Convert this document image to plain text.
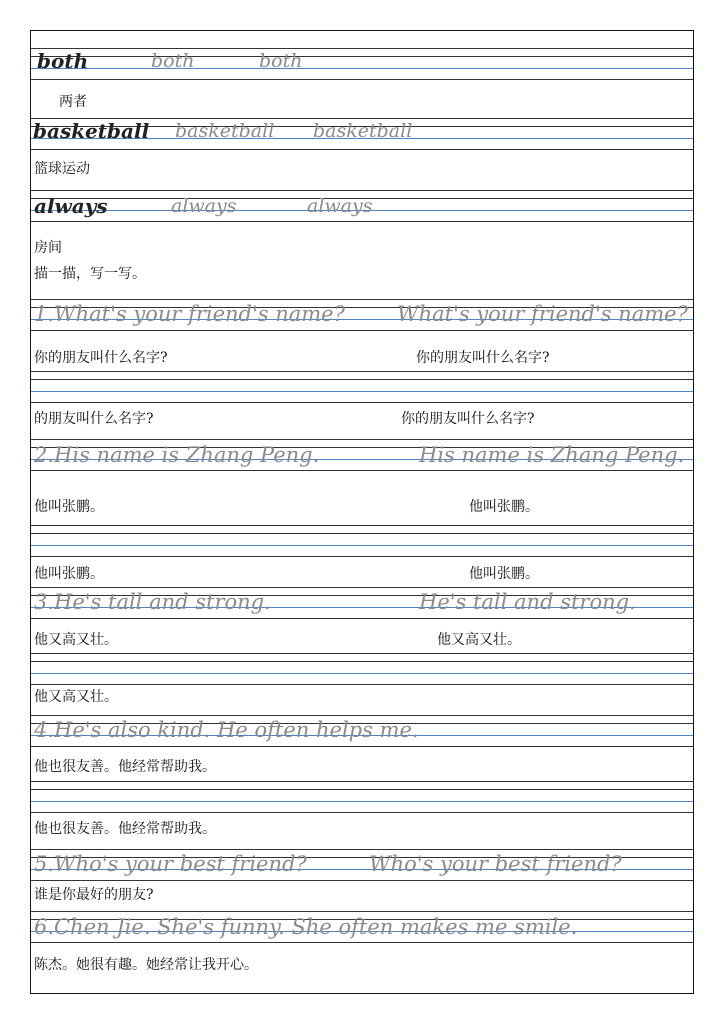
both	both	both
两者
basketball basketball basketball
篮球运动
always	always	always
房间
描一描，写一写。
1.What's your friend's name? What's your friend's name?
你的朋友叫什么名字?	你的朋友叫什么名字?
的朋友叫什么名字?	你的朋友叫什么名字?
2.His name is Zhang Peng.	His name is Zhang Peng.
他叫张鹏。	他叫张鹏。
他叫张鹏。	他叫张鹏。
3.He's tall and strong.	He's tall and strong.
他又高又壮。	他又高又壮。
他又高又壮。
4.He's also kind. He often helps me.
他也很友善。他经常帮助我。
他也很友善。他经常帮助我。
5.Who's your best friend?	Who's your best friend?
谁是你最好的朋友?
6.Chen Jie. She's funny. She often makes me smile.
陈杰。她很有趣。她经常让我开心。
